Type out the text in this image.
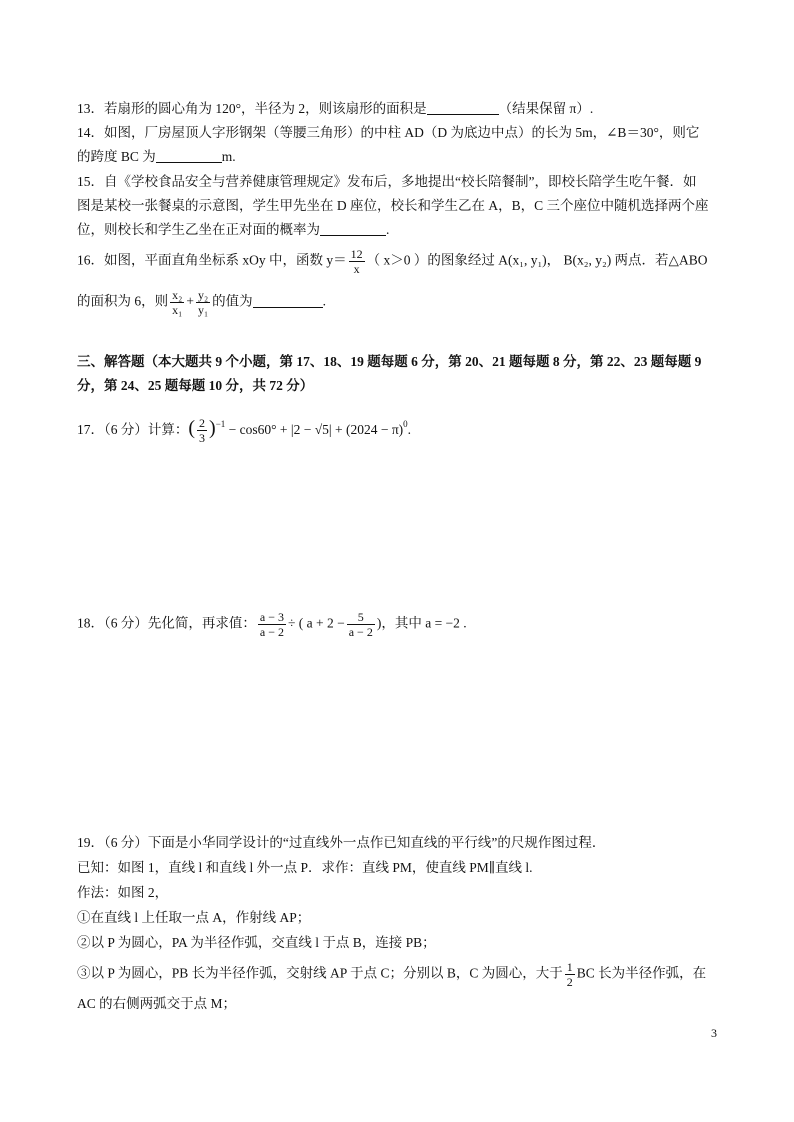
13．若扇形的圆心角为 120°，半径为 2，则该扇形的面积是	（结果保留 π）.
14．如图，厂房屋顶人字形钢架（等腰三角形）的中柱 AD（D 为底边中点）的长为 5m，∠B＝30°，则它
的跨度 BC 为	m.
15．自《学校食品安全与营养健康管理规定》发布后，多地提出“校长陪餐制”，即校长陪学生吃午餐．如
图是某校一张餐桌的示意图，学生甲先坐在 D 座位，校长和学生乙在 A，B，C 三个座位中随机选择两个座
位，则校长和学生乙坐在正对面的概率为	.
16．如图，平面直角坐标系 xOy 中，函数 $y= \frac{12}{x}$ （ x＞0 ）的图象经过 A(x₁, y₁)， B(x₂, y₂) 两点．若△ABO
的面积为 6，则 $\frac{\text{x₂}}{\text{x₁}} + \frac{\text{y₂}}{\text{y₁}}$ 的值为	.
三、解答题（本大题共 9 个小题，第 17、18、19 题每题 6 分，第 20、21 题每题 8 分，第 22、23 题每题 9
分，第 24、25 题每题 10 分，共 72 分）
17．（6 分）计算：( $\frac{2}{3} )^{-1} - \cos 60^\circ + |2 - √5| + (2024 - \pi)^0$.
18．（6 分）先化简，再求值： $\frac{a - 3}{a - 2}$ ÷ ( $a + 2 - \frac{5}{a - 2}$ )，其中 a = −2 .
19．（6 分）下面是小华同学设计的“过直线外一点作已知直线的平行线”的尺规作图过程．
已知：如图 1，直线 l 和直线 l 外一点 P．求作：直线 PM，使直线 PM∥直线 l.
作法：如图 2，
①在直线 l 上任取一点 A，作射线 AP；
②以 P 为圆心，PA 为半径作弧，交直线 l 于点 B，连接 PB；
③以 P 为圆心，PB 长为半径作弧，交射线 AP 于点 C；分别以 B，C 为圆心，大于 $\frac{1}{2}$ BC 长为半径作弧，在
AC 的右侧两弧交于点 M；
3
